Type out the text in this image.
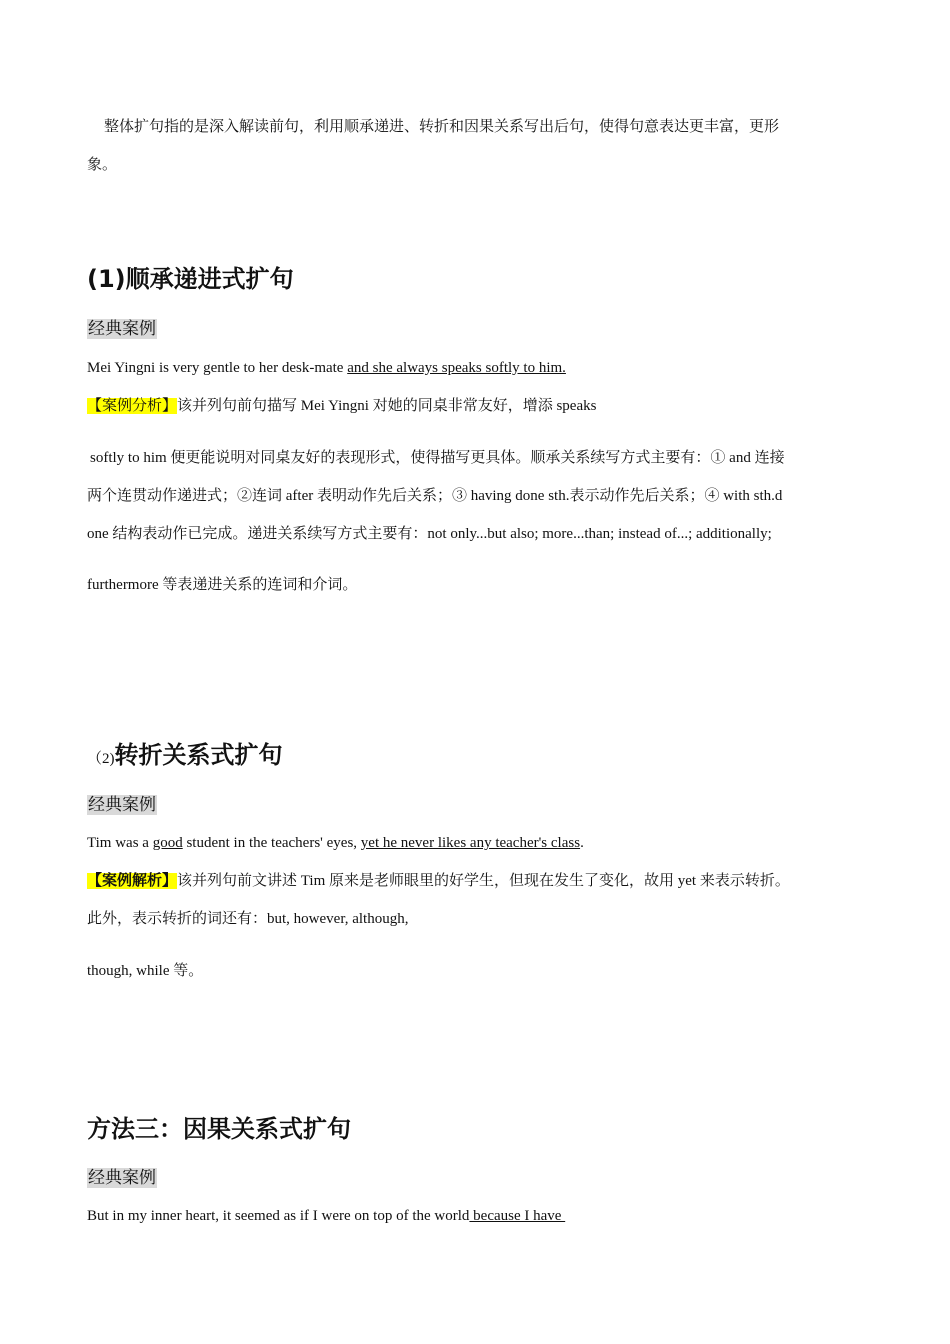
整体扩句指的是深入解读前句，利用顺承递进、转折和因果关系写出后句，使得句意表达更丰富，更形
象。
(1)顺承递进式扩句
经典案例
Mei Yingni is very gentle to her desk-mate and she always speaks softly to him.
【案例分析】该并列句前句描写 Mei Yingni 对她的同桌非常友好，增添 speaks
softly to him 便更能说明对同桌友好的表现形式，使得描写更具体。顺承关系续写方式主要有：① and 连接
两个连贯动作递进式；②连词 after 表明动作先后关系；③ having done sth.表示动作先后关系；④ with sth.d
one 结构表动作已完成。递进关系续写方式主要有：not only...but also; more...than; instead of...; additionally;
furthermore 等表递进关系的连词和介词。
（2)转折关系式扩句
经典案例
Tim was a good student in the teachers' eyes, yet he never likes any teacher's class.
【案例解析】该并列句前文讲述 Tim 原来是老师眼里的好学生，但现在发生了变化，故用 yet 来表示转折。
此外，表示转折的词还有：but, however, although,
though, while 等。
方法三：因果关系式扩句
经典案例
But in my inner heart, it seemed as if I were on top of the world because I have
